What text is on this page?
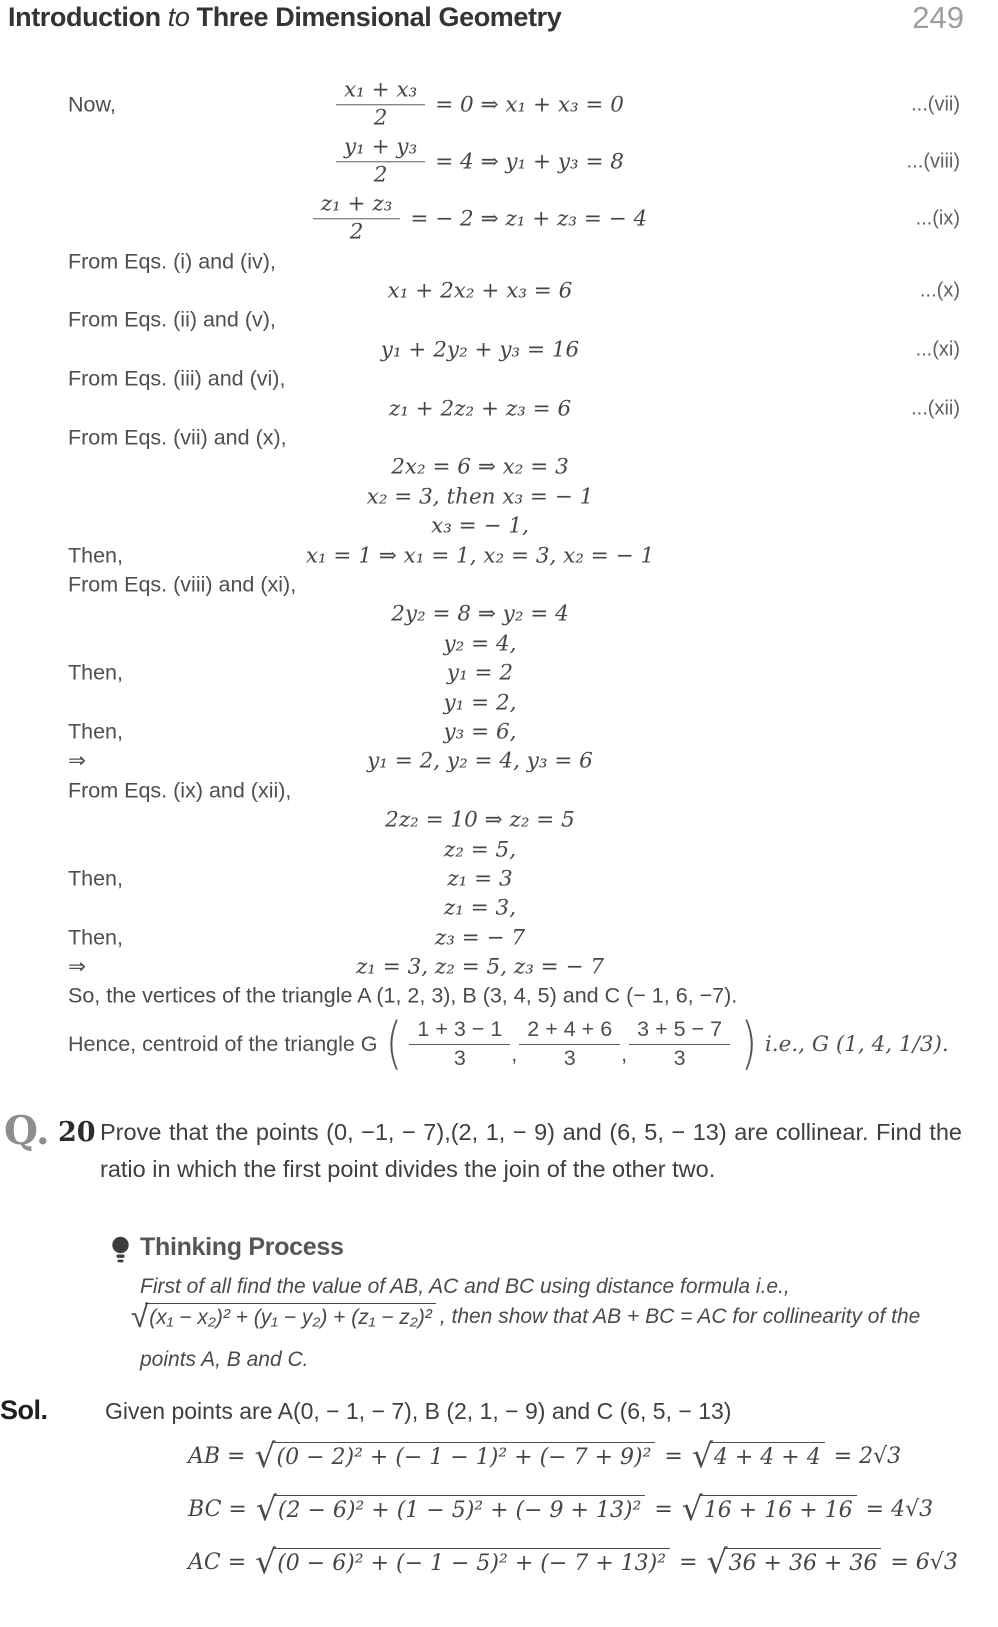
Introduction to Three Dimensional Geometry	249
Now,	$\frac{\text{x₁ + x₃}}{2} = 0$ ⇒ x₁ + x₃ = 0	...(vii)
$\frac{\text{y₁ + y₃}}{2} = 4$ ⇒ y₁ + y₃ = 8	...(viii)
$\frac{\text{z₁ + z₃}}{2}$ = − 2 ⇒ z₁ + z₃ = − 4	...(ix)
From Eqs. (i) and (iv),
x₁ + 2x₂ + x₃ = 6	...(x)
From Eqs. (ii) and (v),
y₁ + 2y₂ + y₃ = 16	...(xi)
From Eqs. (iii) and (vi),
z₁ + 2z₂ + z₃ = 6	...(xii)
From Eqs. (vii) and (x),
2x₂ = 6 ⇒ x₂ = 3
x₂ = 3, then x₃ = − 1
x₃ = − 1,
Then,	x₁ = 1 ⇒ x₁ = 1, x₂ = 3, x₂ = − 1
From Eqs. (viii) and (xi),
2y₂ = 8 ⇒ y₂ = 4
y₂ = 4,
Then,	y₁ = 2
y₁ = 2,
Then,	y₃ = 6,
⇒	y₁ = 2, y₂ = 4, y₃ = 6
From Eqs. (ix) and (xii),
2z₂ = 10 ⇒ z₂ = 5
z₂ = 5,
Then,	z₁ = 3
z₁ = 3,
Then,	z₃ = − 7
⇒	z₁ = 3, z₂ = 5, z₃ = − 7
So, the vertices of the triangle A (1, 2, 3), B (3, 4, 5) and C (− 1, 6, −7).
Hence, centroid of the triangle G ( $\frac{1 + 3 - 1}{3}$ , $\frac{2 + 4 + 6}{3}$ , $\frac{3 + 5 - 7}{3}$ ) i.e., G (1, 4, 1/3).
Q. 20 Prove that the points (0, −1, − 7),(2, 1, − 9) and (6, 5, − 13) are collinear. Find the ratio in which the first point divides the join of the other two.

Thinking Process

First of all find the value of AB, AC and BC using distance formula i.e.,

√ (x₁ − x₂)² + (y₁ − y₂) + (z₁ − z₂)² , then show that AB + BC = AC for collinearity of the

points A, B and C.

Sol. Given points are A(0, − 1, − 7), B (2, 1, − 9) and C (6, 5, − 13)

AB = √ (0 − 2)² + (− 1 − 1)² + (− 7 + 9)² = √ 4 + 4 + 4 = 2√3
BC = √ (2 − 6)² + (1 − 5)² + (− 9 + 13)² = √ 16 + 16 + 16 = 4√3
AC = √ (0 − 6)² + (− 1 − 5)² + (− 7 + 13)² = √ 36 + 36 + 36 = 6√3
